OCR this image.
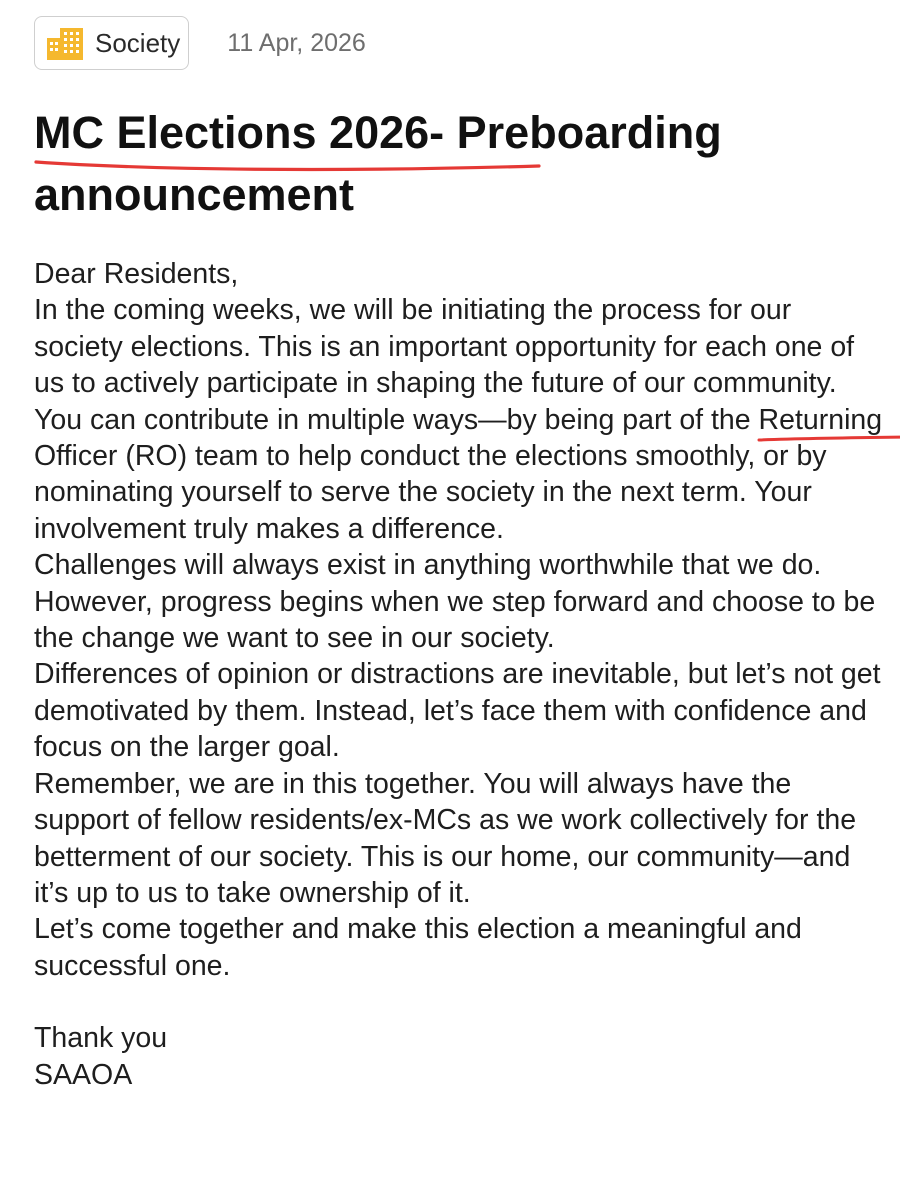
Society 11 Apr, 2026
MC Elections 2026-
Preboarding
announcement

Dear Residents,

In the coming weeks, we will be initiating the process for our society elections. This is an important opportunity for each one of us to actively participate in shaping the future of our community.

You can contribute in multiple ways—by being part of the Returning Officer (RO)
team to help conduct the elections smoothly, or by nominating yourself to serve the society in the next term. Your involvement truly makes a difference.

Challenges will always exist in anything worthwhile that we do. However, progress begins when we step forward and choose to be the change we want to see in our society.

Differences of opinion or distractions are inevitable, but let’s not get demotivated by them. Instead, let’s face them with confidence and focus on the larger goal.

Remember, we are in this together. You will always have the support of fellow residents/ex-MCs as we work collectively for the betterment of our society. This is our home, our community—and it’s up to us to take ownership of it.

Let’s come together and make this election a meaningful and successful one.

Thank you

SAAOA
